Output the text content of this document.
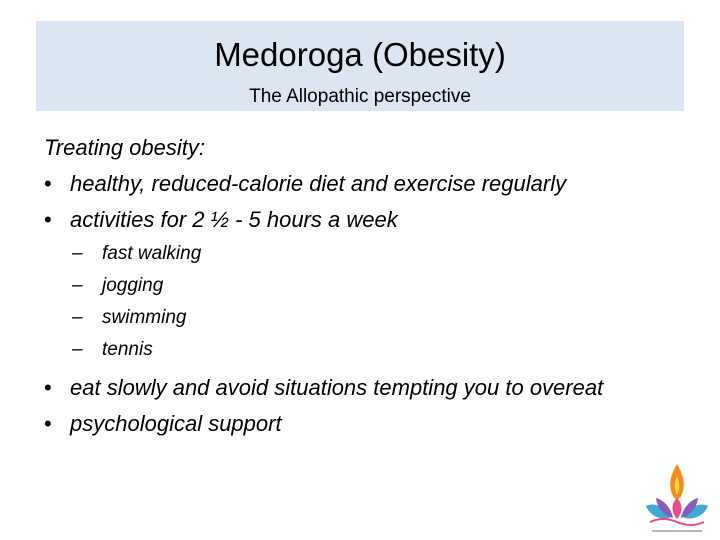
Medoroga (Obesity)
The Allopathic perspective
Treating obesity:
• healthy, reduced-calorie diet and exercise regularly
• activities for 2 ½ - 5 hours a week
–	fast walking
–	jogging
–	swimming
–	tennis
• eat slowly and avoid situations tempting you to overeat
• psychological support
